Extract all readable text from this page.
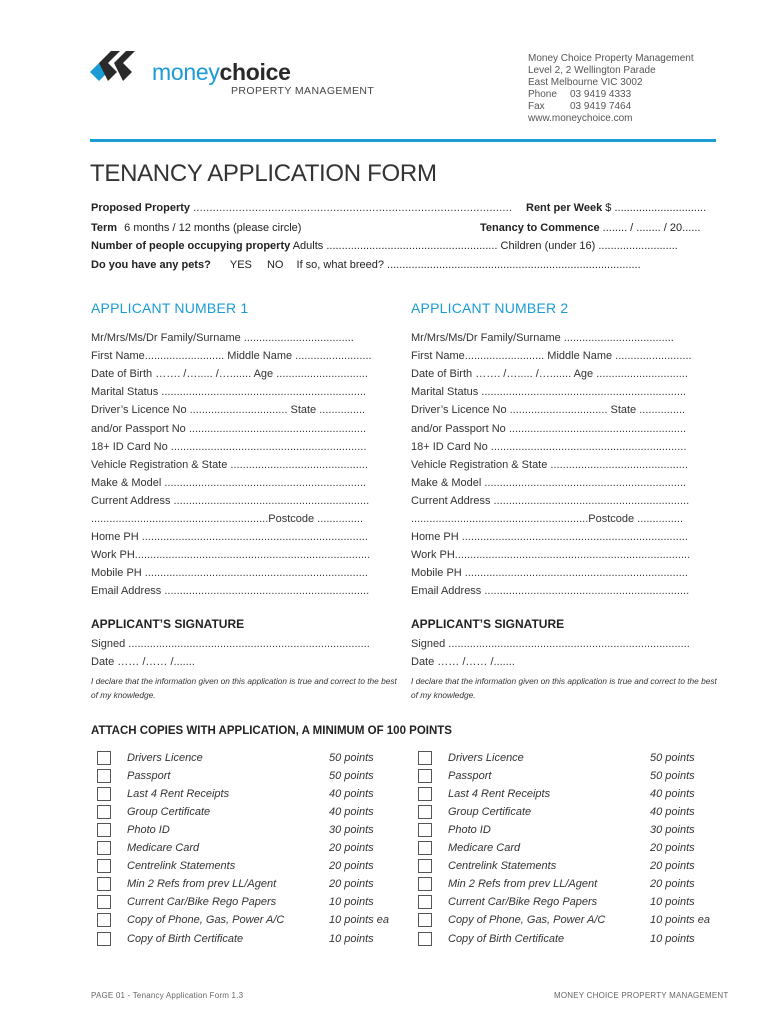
moneychoice
PROPERTY MANAGEMENT
Money Choice Property Management
Level 2, 2 Wellington Parade
East Melbourne VIC 3002
Phone	03 9419 4333
Fax	03 9419 7464
www.moneychoice.com
TENANCY APPLICATION FORM
Proposed Property ..................................................................................................	Rent per Week $ ..............................
Term 6 months / 12 months (please circle)	Tenancy to Commence ........ / ........ / 20......
Number of people occupying property Adults ........................................................ Children (under 16) ..........................
Do you have any pets? YES NO If so, what breed? ...................................................................................
APPLICANT NUMBER 1	APPLICANT NUMBER 2
Mr/Mrs/Ms/Dr Family/Surname ....................................
First Name.......................... Middle Name .........................
Date of Birth ……. /…..... /…....... Age ..............................
Marital Status ...................................................................
Driver’s Licence No ................................ State ...............
and/or Passport No ..........................................................
18+ ID Card No ................................................................
Vehicle Registration & State .............................................
Make & Model ..................................................................
Current Address ................................................................
..........................................................Postcode ...............
Home PH ..........................................................................
Work PH.............................................................................
Mobile PH .........................................................................
Email Address ...................................................................
Mr/Mrs/Ms/Dr Family/Surname ....................................
First Name.......................... Middle Name .........................
Date of Birth ……. /…..... /…....... Age ..............................
Marital Status ...................................................................
Driver’s Licence No ................................ State ...............
and/or Passport No ..........................................................
18+ ID Card No ................................................................
Vehicle Registration & State .............................................
Make & Model ..................................................................
Current Address ................................................................
..........................................................Postcode ...............
Home PH ..........................................................................
Work PH.............................................................................
Mobile PH .........................................................................
Email Address ...................................................................
APPLICANT’S SIGNATURE	APPLICANT’S SIGNATURE
Signed ...............................................................................
Date …… /…… /.......
Signed ...............................................................................
Date …… /…… /.......
I declare that the information given on this application is true and correct to the best of my knowledge.
I declare that the information given on this application is true and correct to the best of my knowledge.
ATTACH COPIES WITH APPLICATION, A MINIMUM OF 100 POINTS
Drivers Licence	50 points
Passport	50 points
Last 4 Rent Receipts	40 points
Group Certificate	40 points
Photo ID	30 points
Medicare Card	20 points
Centrelink Statements	20 points
Min 2 Refs from prev LL/Agent	20 points
Current Car/Bike Rego Papers	10 points
Copy of Phone, Gas, Power A/C	10 points ea
Copy of Birth Certificate	10 points
Drivers Licence	50 points
Passport	50 points
Last 4 Rent Receipts	40 points
Group Certificate	40 points
Photo ID	30 points
Medicare Card	20 points
Centrelink Statements	20 points
Min 2 Refs from prev LL/Agent	20 points
Current Car/Bike Rego Papers	10 points
Copy of Phone, Gas, Power A/C	10 points ea
Copy of Birth Certificate	10 points
PAGE 01 - Tenancy Application Form 1.3	MONEY CHOICE PROPERTY MANAGEMENT
